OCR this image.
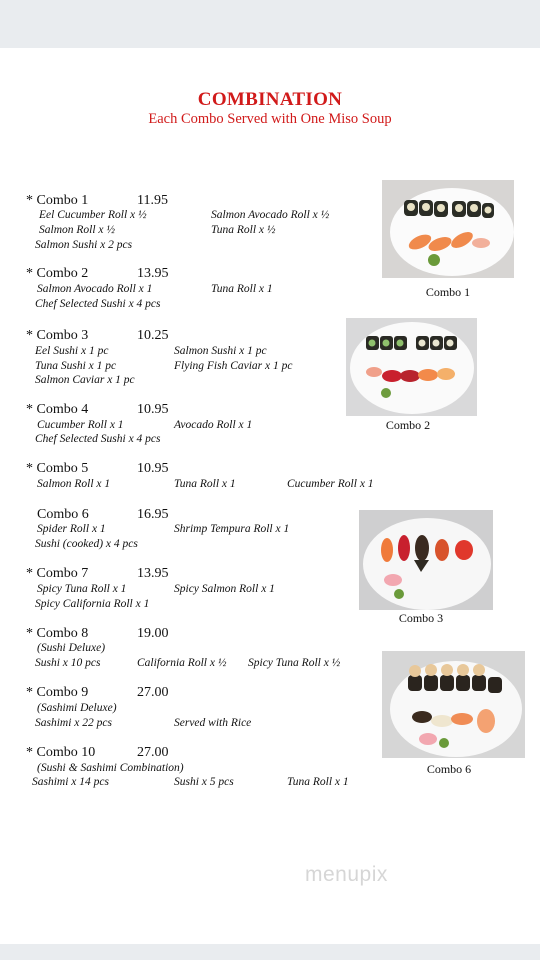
COMBINATION
Each Combo Served with One Miso Soup
* Combo 1	11.95
Eel Cucumber Roll x ½	Salmon Avocado Roll x ½
Salmon Roll x ½	Tuna Roll x ½
Salmon Sushi x 2 pcs
* Combo 2	13.95
Salmon Avocado Roll x 1	Tuna Roll x 1
Chef Selected Sushi x 4 pcs
* Combo 3	10.25
Eel Sushi x 1 pc	Salmon Sushi x 1 pc
Tuna Sushi x 1 pc	Flying Fish Caviar x 1 pc
Salmon Caviar x 1 pc
* Combo 4	10.95
Cucumber Roll x 1	Avocado Roll x 1
Chef Selected Sushi x 4 pcs
* Combo 5	10.95
Salmon Roll x 1	Tuna Roll x 1	Cucumber Roll x 1
Combo 6	16.95
Spider Roll x 1	Shrimp Tempura Roll x 1
Sushi (cooked) x 4 pcs
* Combo 7	13.95
Spicy Tuna Roll x 1	Spicy Salmon Roll x 1
Spicy California Roll x 1
* Combo 8	19.00
(Sushi Deluxe)
Sushi x 10 pcs	California Roll x ½ Spicy Tuna Roll x ½
* Combo 9	27.00
(Sashimi Deluxe)
Sashimi x 22 pcs	Served with Rice
* Combo 10	27.00
(Sushi & Sashimi Combination)
Sashimi x 14 pcs	Sushi x 5 pcs	Tuna Roll x 1
Combo 1
Combo 2
Combo 3
Combo 6
menupix
